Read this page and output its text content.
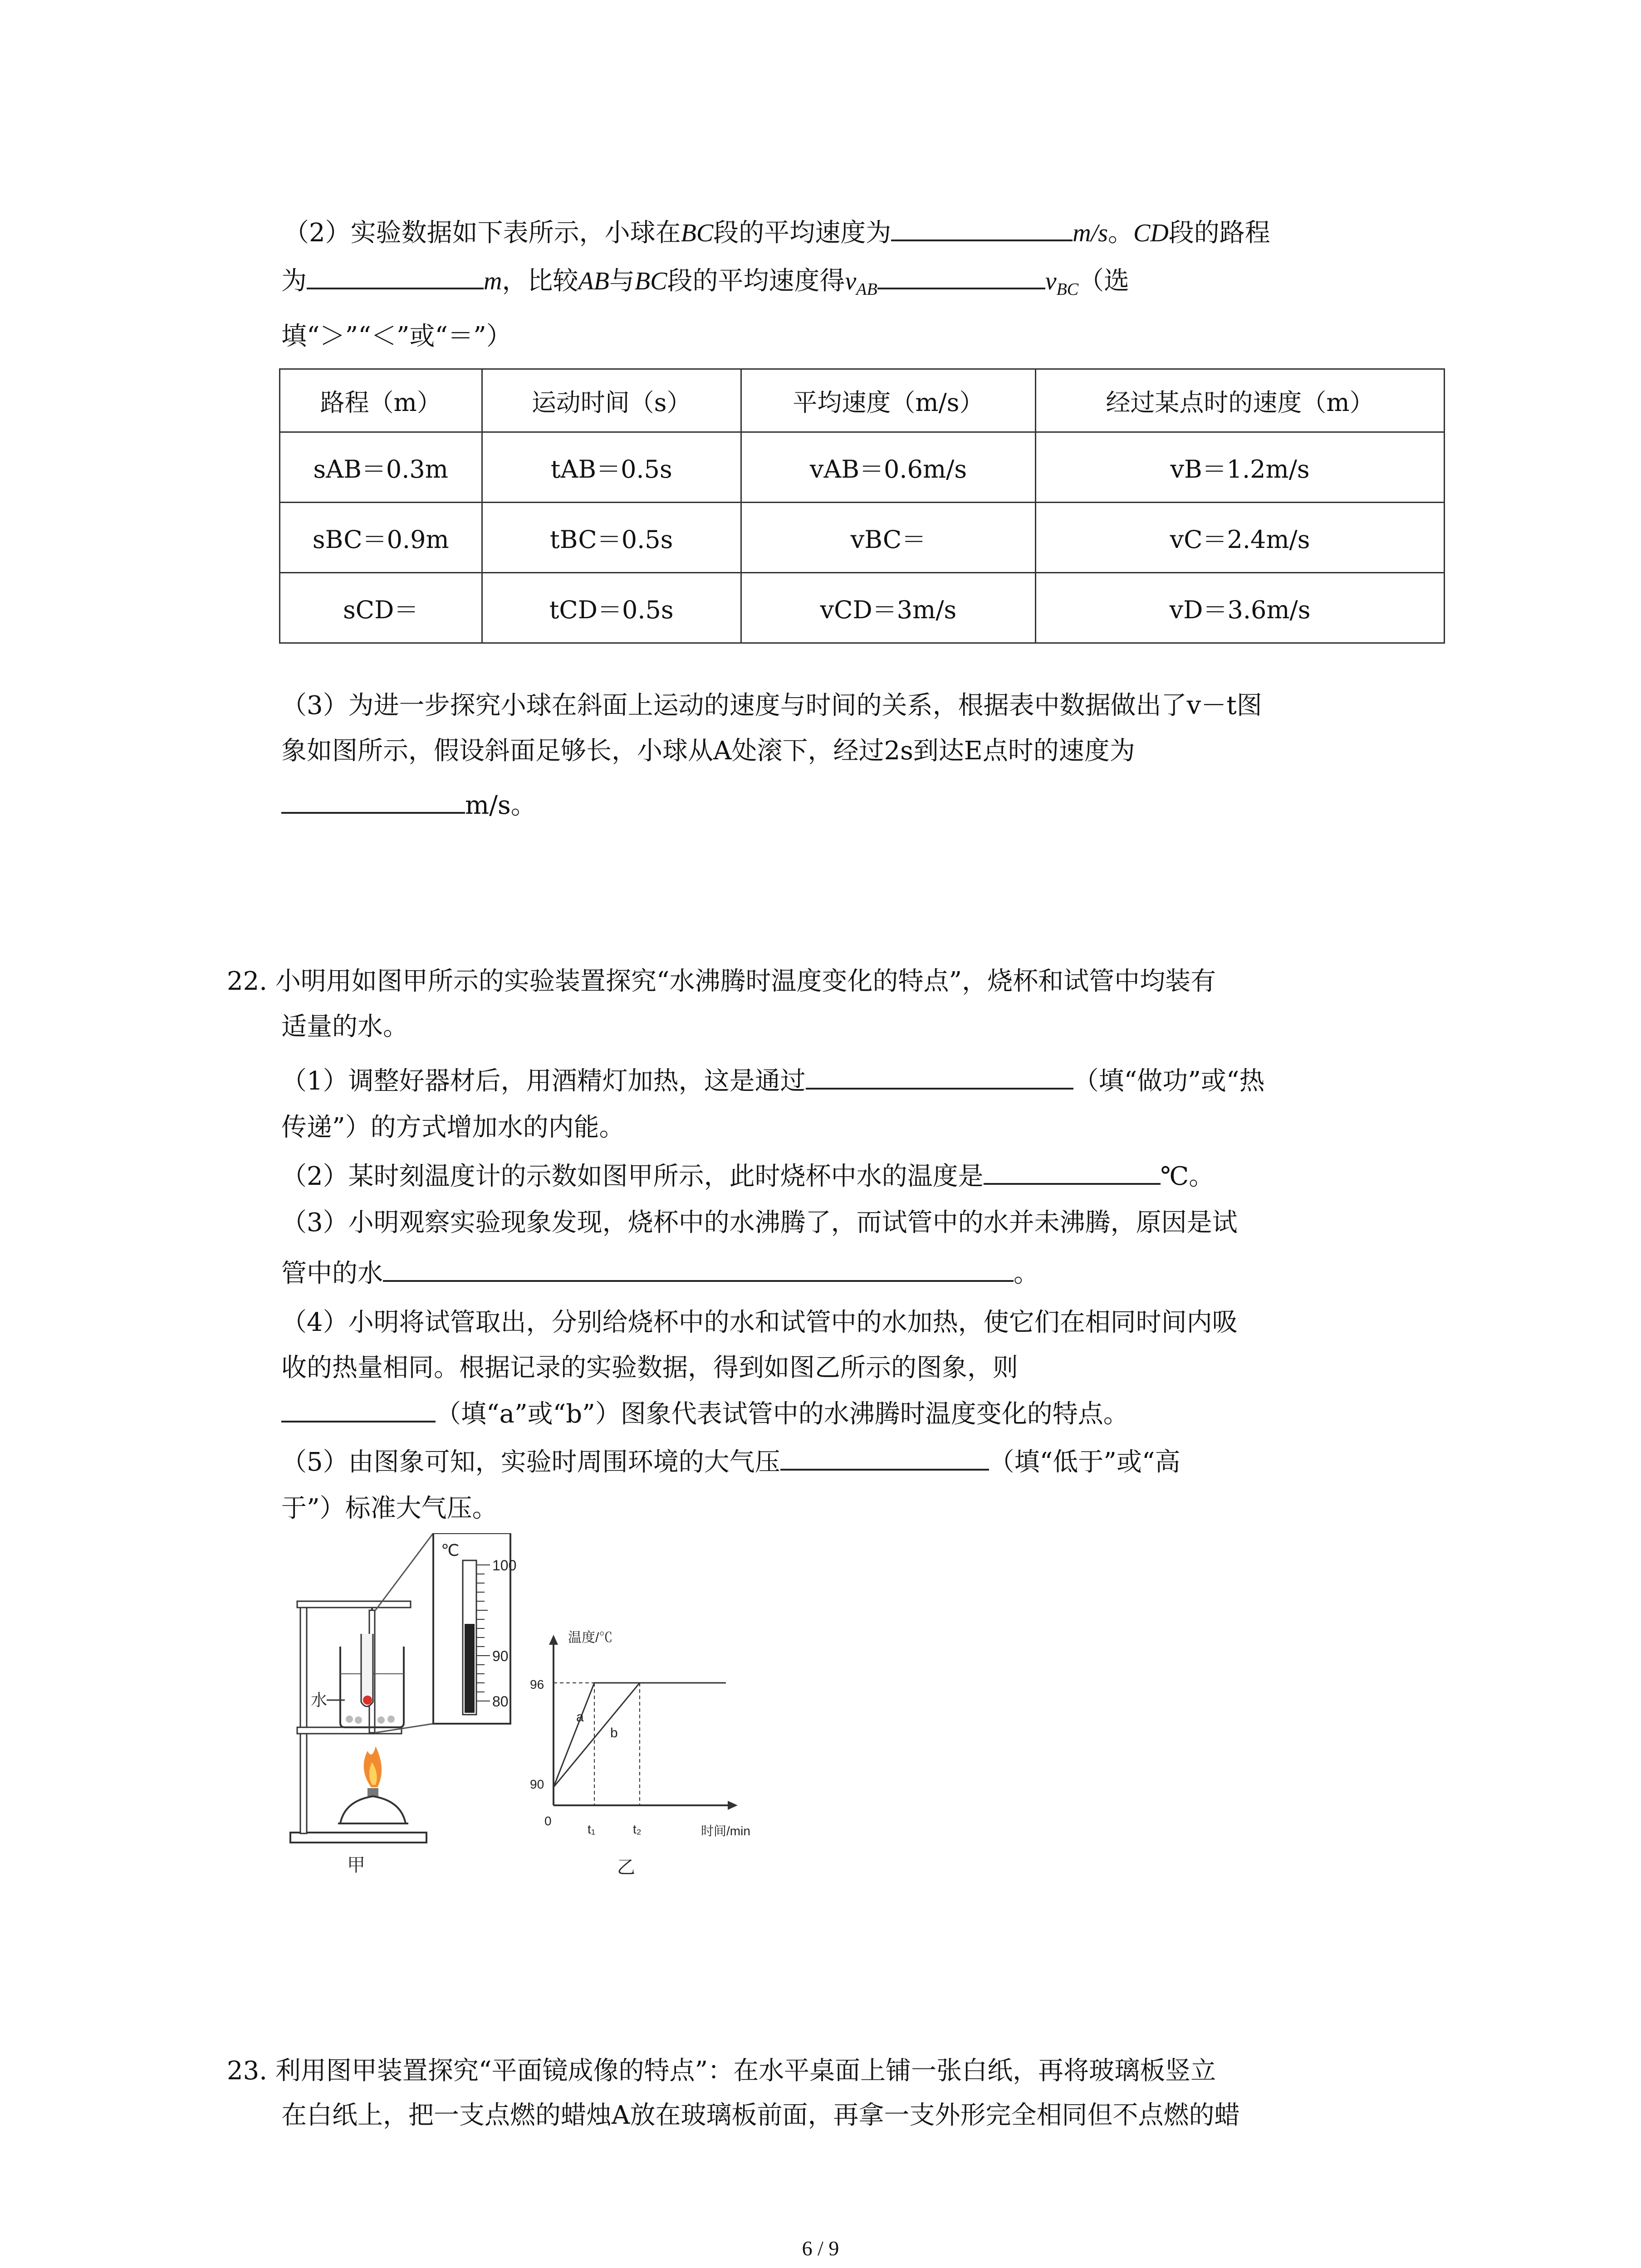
（2）实验数据如下表所示，小球在BC段的平均速度为	m/s。CD段的路程
为	m，比较AB与BC段的平均速度得$v_{AB}$	$v_{BC}$（选
填“＞”“＜”或“＝”）
路程（m）	运动时间（s）	平均速度（m/s）	经过某点时的速度（m）
sAB＝0.3m	tAB＝0.5s	vAB＝0.6m/s	vB＝1.2m/s
sBC＝0.9m	tBC＝0.5s	vBC＝	vC＝2.4m/s
sCD＝	tCD＝0.5s	vCD＝3m/s	vD＝3.6m/s
（3）为进一步探究小球在斜面上运动的速度与时间的关系，根据表中数据做出了v－t图
象如图所示，假设斜面足够长，小球从A处滚下，经过2s到达E点时的速度为
m/s。
22. 小明用如图甲所示的实验装置探究“水沸腾时温度变化的特点”，烧杯和试管中均装有
适量的水。
（1）调整好器材后，用酒精灯加热，这是通过	（填“做功”或“热
传递”）的方式增加水的内能。
（2）某时刻温度计的示数如图甲所示，此时烧杯中水的温度是	℃。
（3）小明观察实验现象发现，烧杯中的水沸腾了，而试管中的水并未沸腾，原因是试
管中的水	。
（4）小明将试管取出，分别给烧杯中的水和试管中的水加热，使它们在相同时间内吸
收的热量相同。根据记录的实验数据，得到如图乙所示的图象，则
（填“a”或“b”）图象代表试管中的水沸腾时温度变化的特点。
（5）由图象可知，实验时周围环境的大气压	（填“低于”或“高
于”）标准大气压。
水
℃
100
90
80
甲
温度/℃
时间/min
96
90
0
t₁	t₂
a
b
乙
23. 利用图甲装置探究“平面镜成像的特点”：在水平桌面上铺一张白纸，再将玻璃板竖立
在白纸上，把一支点燃的蜡烛A放在玻璃板前面，再拿一支外形完全相同但不点燃的蜡
6 / 9
